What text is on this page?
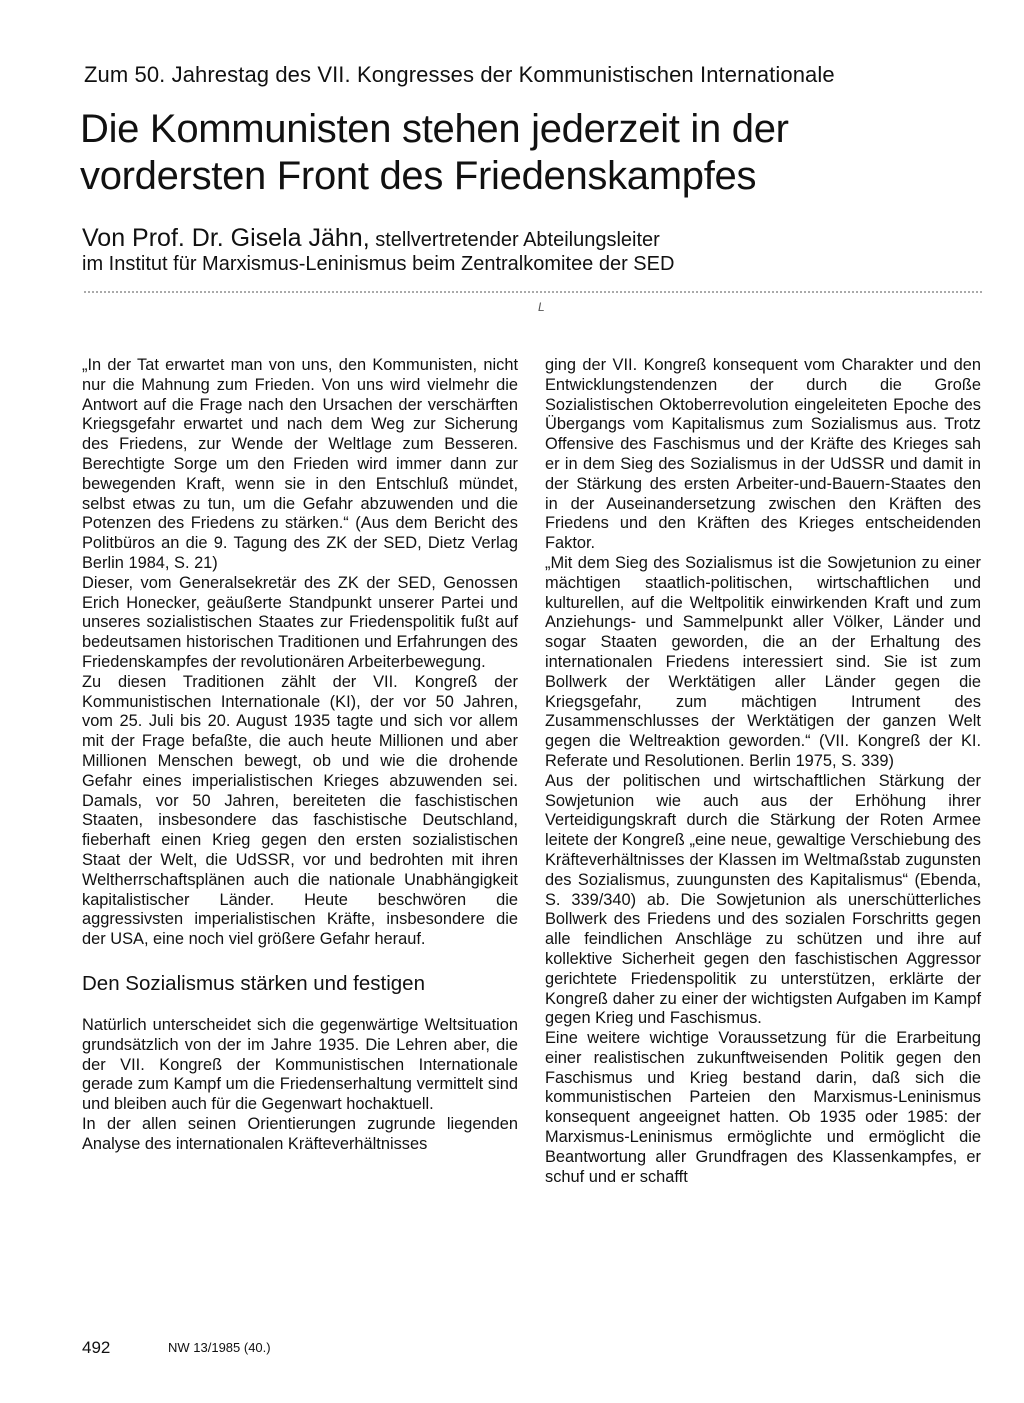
Zum 50. Jahrestag des VII. Kongresses der Kommunistischen Internationale
Die Kommunisten stehen jederzeit in der
vordersten Front des Friedenskampfes
Von Prof. Dr. Gisela Jähn, stellvertretender Abteilungsleiter
im Institut für Marxismus-Leninismus beim Zentralkomitee der SED
L

„In der Tat erwartet man von uns, den Kommunisten, nicht nur die Mahnung zum Frieden. Von uns wird vielmehr die Antwort auf die Frage nach den Ursachen der verschärften Kriegsgefahr erwartet und nach dem Weg zur Sicherung des Friedens, zur Wende der Weltlage zum Besseren. Berechtigte Sorge um den Frieden wird immer dann zur bewegenden Kraft, wenn sie in den Entschluß mündet, selbst etwas zu tun, um die Gefahr abzuwenden und die Potenzen des Friedens zu stärken.“ (Aus dem Bericht des Politbüros an die 9. Tagung des ZK der SED, Dietz Verlag Berlin 1984, S. 21)

Dieser, vom Generalsekretär des ZK der SED, Genossen Erich Honecker, geäußerte Standpunkt unserer Partei und unseres sozialistischen Staates zur Friedenspolitik fußt auf bedeutsamen historischen Traditionen und Erfahrungen des Friedenskampfes der revolutionären Arbeiterbewegung.

Zu diesen Traditionen zählt der VII. Kongreß der Kommunistischen Internationale (KI), der vor 50 Jahren, vom 25. Juli bis 20. August 1935 tagte und sich vor allem mit der Frage befaßte, die auch heute Millionen und aber Millionen Menschen bewegt, ob und wie die drohende Gefahr eines imperialistischen Krieges abzuwenden sei. Damals, vor 50 Jahren, bereiteten die faschistischen Staaten, insbesondere das faschistische Deutschland, fieberhaft einen Krieg gegen den ersten sozialistischen Staat der Welt, die UdSSR, vor und bedrohten mit ihren Weltherrschaftsplänen auch die nationale Unabhängigkeit kapitalistischer Länder. Heute beschwören die aggressivsten imperialistischen Kräfte, insbesondere die der USA, eine noch viel größere Gefahr herauf.

Den Sozialismus stärken und festigen

Natürlich unterscheidet sich die gegenwärtige Weltsituation grundsätzlich von der im Jahre 1935. Die Lehren aber, die der VII. Kongreß der Kommunistischen Internationale gerade zum Kampf um die Friedenserhaltung vermittelt sind und bleiben auch für die Gegenwart hochaktuell.

In der allen seinen Orientierungen zugrunde liegenden Analyse des internationalen Kräfteverhältnisses

ging der VII. Kongreß konsequent vom Charakter und den Entwicklungstendenzen der durch die Große Sozialistischen Oktoberrevolution eingeleiteten Epoche des Übergangs vom Kapitalismus zum Sozialismus aus. Trotz Offensive des Faschismus und der Kräfte des Krieges sah er in dem Sieg des Sozialismus in der UdSSR und damit in der Stärkung des ersten Arbeiter-und-Bauern-Staates den in der Auseinandersetzung zwischen den Kräften des Friedens und den Kräften des Krieges entscheidenden Faktor.

„Mit dem Sieg des Sozialismus ist die Sowjetunion zu einer mächtigen staatlich-politischen, wirtschaftlichen und kulturellen, auf die Weltpolitik einwirkenden Kraft und zum Anziehungs- und Sammelpunkt aller Völker, Länder und sogar Staaten geworden, die an der Erhaltung des internationalen Friedens interessiert sind. Sie ist zum Bollwerk der Werktätigen aller Länder gegen die Kriegsgefahr, zum mächtigen Intrument des Zusammenschlusses der Werktätigen der ganzen Welt gegen die Weltreaktion geworden.“ (VII. Kongreß der KI. Referate und Resolutionen. Berlin 1975, S. 339)

Aus der politischen und wirtschaftlichen Stärkung der Sowjetunion wie auch aus der Erhöhung ihrer Verteidigungskraft durch die Stärkung der Roten Armee leitete der Kongreß „eine neue, gewaltige Verschiebung des Kräfteverhältnisses der Klassen im Weltmaßstab zugunsten des Sozialismus, zuungunsten des Kapitalismus“ (Ebenda, S. 339/340) ab. Die Sowjetunion als unerschütterliches Bollwerk des Friedens und des sozialen Forschritts gegen alle feindlichen Anschläge zu schützen und ihre auf kollektive Sicherheit gegen den faschistischen Aggressor gerichtete Friedenspolitik zu unterstützen, erklärte der Kongreß daher zu einer der wichtigsten Aufgaben im Kampf gegen Krieg und Faschismus.

Eine weitere wichtige Voraussetzung für die Erarbeitung einer realistischen zukunftweisenden Politik gegen den Faschismus und Krieg bestand darin, daß sich die kommunistischen Parteien den Marxismus-Leninismus konsequent angeeignet hatten. Ob 1935 oder 1985: der Marxismus-Leninismus ermöglichte und ermöglicht die Beantwortung aller Grundfragen des Klassenkampfes, er schuf und er schafft

492	NW 13/1985 (40.)
